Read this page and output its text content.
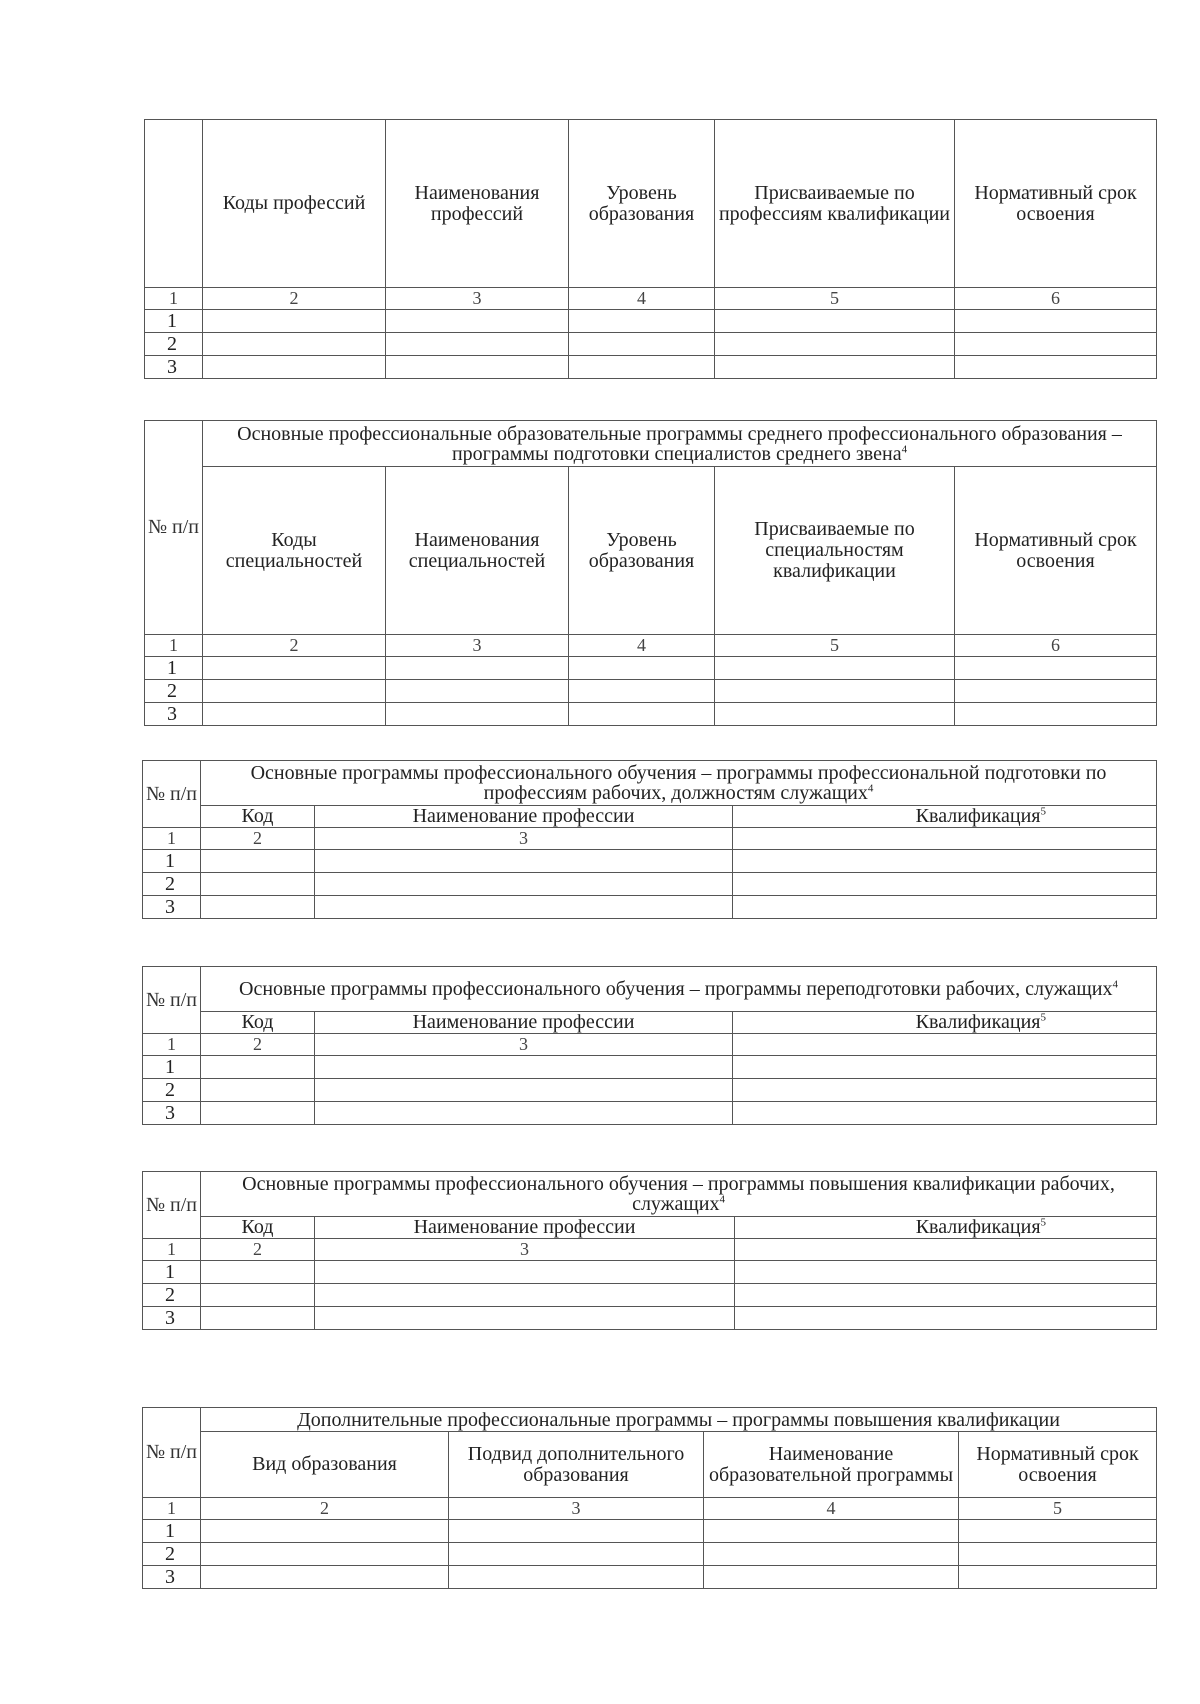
	Коды профессий	Наименования профессий	Уровень образования	Присваиваемые по профессиям квалификации	Нормативный срок освоения
1	2	3	4	5	6
1					
2					
3					
№ п/п	Основные профессиональные образовательные программы среднего профессионального образования – программы подготовки специалистов среднего звена$^4$
	Коды специальностей	Наименования специальностей	Уровень образования	Присваиваемые по специальностям квалификации	Нормативный срок освоения
1	2	3	4	5	6
1					
2					
3					
№ п/п	Основные программы профессионального обучения – программы профессиональной подготовки по профессиям рабочих, должностям служащих$^4$
	Код	Наименование профессии	Квалификация$^5$
1	2	3	
1			
2			
3			
№ п/п	Основные программы профессионального обучения – программы переподготовки рабочих, служащих$^4$
	Код	Наименование профессии	Квалификация$^5$
1	2	3	
1			
2			
3			
№ п/п	Основные программы профессионального обучения – программы повышения квалификации рабочих, служащих$^4$
	Код	Наименование профессии	Квалификация$^5$
1	2	3	
1			
2			
3			
№ п/п	Дополнительные профессиональные программы – программы повышения квалификации			
	Вид образования	Подвид дополнительного образования	Наименование образовательной программы	Нормативный срок освоения
1	2	3	4	5
1				
2				
3				
